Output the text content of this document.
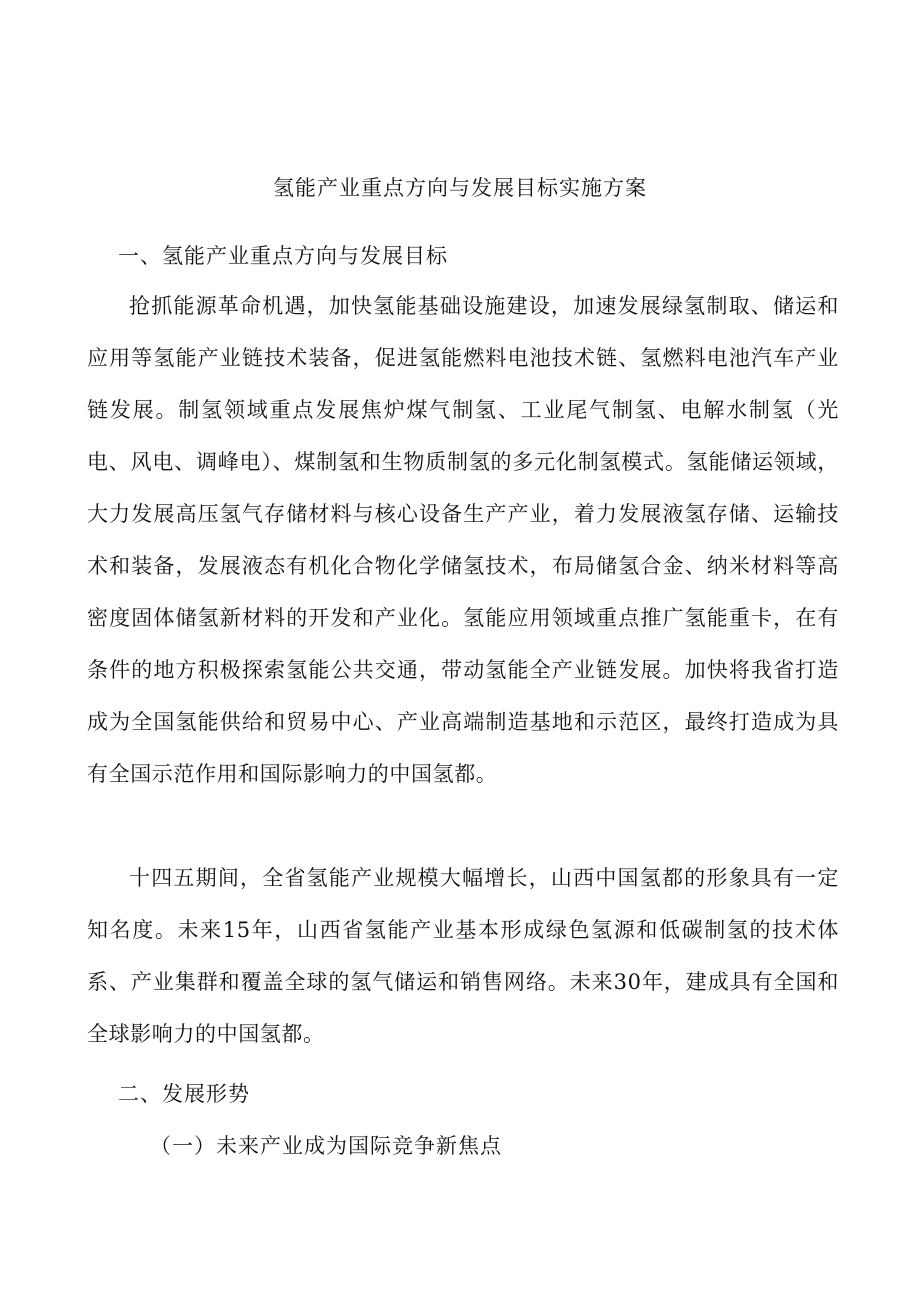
氢能产业重点方向与发展目标实施方案
一、氢能产业重点方向与发展目标

抢抓能源革命机遇，加快氢能基础设施建设，加速发展绿氢制取、储运和应用等氢能产业链技术装备，促进氢能燃料电池技术链、氢燃料电池汽车产业链发展。制氢领域重点发展焦炉煤气制氢、工业尾气制氢、电解水制氢（光电、风电、调峰电）、煤制氢和生物质制氢的多元化制氢模式。氢能储运领域，大力发展高压氢气存储材料与核心设备生产产业，着力发展液氢存储、运输技术和装备，发展液态有机化合物化学储氢技术，布局储氢合金、纳米材料等高密度固体储氢新材料的开发和产业化。氢能应用领域重点推广氢能重卡，在有条件的地方积极探索氢能公共交通，带动氢能全产业链发展。加快将我省打造成为全国氢能供给和贸易中心、产业高端制造基地和示范区，最终打造成为具有全国示范作用和国际影响力的中国氢都。

十四五期间，全省氢能产业规模大幅增长，山西中国氢都的形象具有一定知名度。未来15年，山西省氢能产业基本形成绿色氢源和低碳制氢的技术体系、产业集群和覆盖全球的氢气储运和销售网络。未来30年，建成具有全国和全球影响力的中国氢都。

二、发展形势
（一）未来产业成为国际竞争新焦点
